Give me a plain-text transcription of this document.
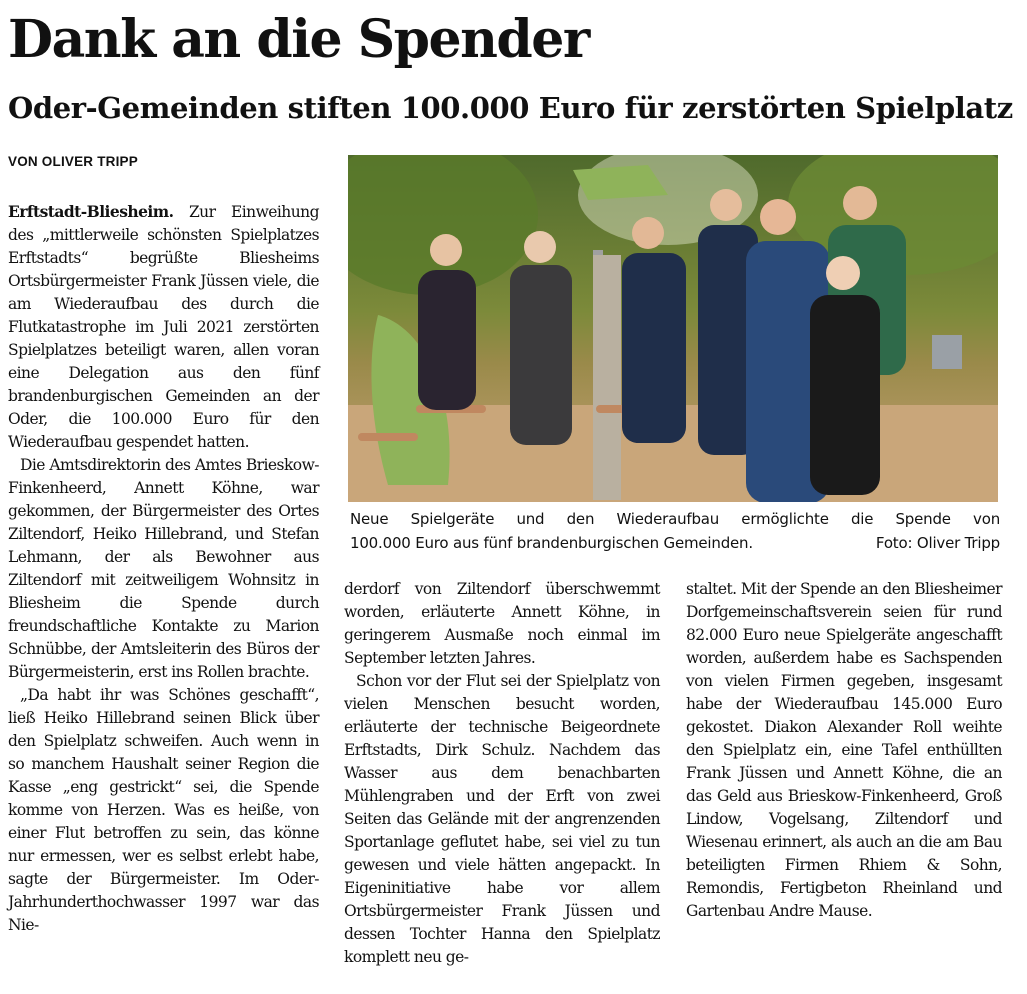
Dank an die Spender
Oder-Gemeinden stiften 100.000 Euro für zerstörten Spielplatz
VON OLIVER TRIPP

Erftstadt-Bliesheim. Zur Einweihung des „mittlerweile schönsten Spielplatzes Erftstadts“ begrüßte Bliesheims Ortsbürgermeister Frank Jüssen viele, die am Wiederaufbau des durch die Flutkatastrophe im Juli 2021 zerstörten Spielplatzes beteiligt waren, allen voran eine Delegation aus den fünf brandenburgischen Gemeinden an der Oder, die 100.000 Euro für den Wiederaufbau gespendet hatten.

Die Amtsdirektorin des Amtes Brieskow-Finkenheerd, Annett Köhne, war gekommen, der Bürgermeister des Ortes Ziltendorf, Heiko Hillebrand, und Stefan Lehmann, der als Bewohner aus Ziltendorf mit zeitweiligem Wohnsitz in Bliesheim die Spende durch freundschaftliche Kontakte zu Marion Schnübbe, der Amtsleiterin des Büros der Bürgermeisterin, erst ins Rollen brachte.

„Da habt ihr was Schönes geschafft“, ließ Heiko Hillebrand seinen Blick über den Spielplatz schweifen. Auch wenn in so manchem Haushalt seiner Region die Kasse „eng gestrickt“ sei, die Spende komme von Herzen. Was es heiße, von einer Flut betroffen zu sein, das könne nur ermessen, wer es selbst erlebt habe, sagte der Bürgermeister. Im Oder-Jahrhunderthochwasser 1997 war das Nie-

Neue Spielgeräte und den Wiederaufbau ermöglichte die Spende von
100.000 Euro aus fünf brandenburgischen Gemeinden.	Foto: Oliver Tripp

derdorf von Ziltendorf überschwemmt worden, erläuterte Annett Köhne, in geringerem Ausmaße noch einmal im September letzten Jahres.

Schon vor der Flut sei der Spielplatz von vielen Menschen besucht worden, erläuterte der technische Beigeordnete Erftstadts, Dirk Schulz. Nachdem das Wasser aus dem benachbarten Mühlengraben und der Erft von zwei Seiten das Gelände mit der angrenzenden Sportanlage geflutet habe, sei viel zu tun gewesen und viele hätten angepackt. In Eigeninitiative habe vor allem Ortsbürgermeister Frank Jüssen und dessen Tochter Hanna den Spielplatz komplett neu ge-

staltet. Mit der Spende an den Bliesheimer Dorfgemeinschaftsverein seien für rund 82.000 Euro neue Spielgeräte angeschafft worden, außerdem habe es Sachspenden von vielen Firmen gegeben, insgesamt habe der Wiederaufbau 145.000 Euro gekostet. Diakon Alexander Roll weihte den Spielplatz ein, eine Tafel enthüllten Frank Jüssen und Annett Köhne, die an das Geld aus Brieskow-Finkenheerd, Groß Lindow, Vogelsang, Ziltendorf und Wiesenau erinnert, als auch an die am Bau beteiligten Firmen Rhiem & Sohn, Remondis, Fertigbeton Rheinland und Gartenbau Andre Mause.
